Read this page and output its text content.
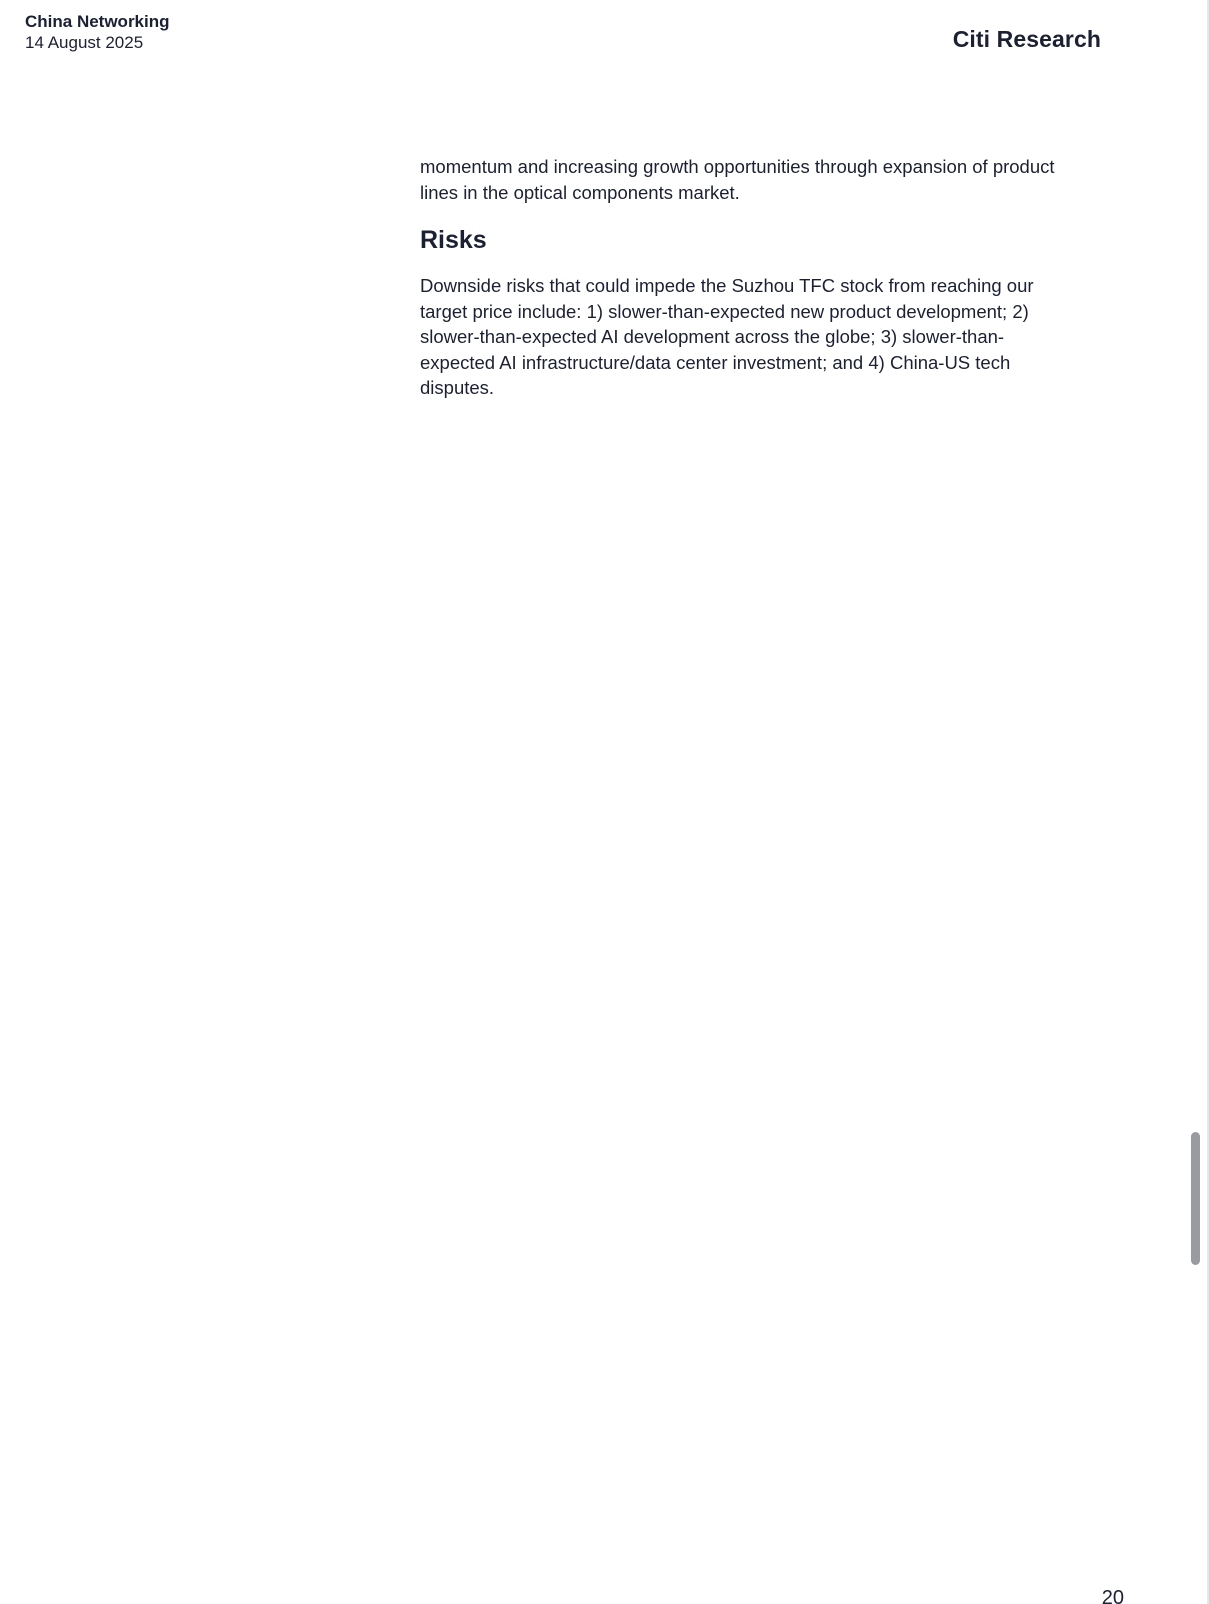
China Networking
14 August 2025	Citi Research

momentum and increasing growth opportunities through expansion of product lines in the optical components market.

Risks

Downside risks that could impede the Suzhou TFC stock from reaching our target price include: 1) slower-than-expected new product development; 2) slower-than-expected AI development across the globe; 3) slower-than-expected AI infrastructure/data center investment; and 4) China-US tech disputes.

20
